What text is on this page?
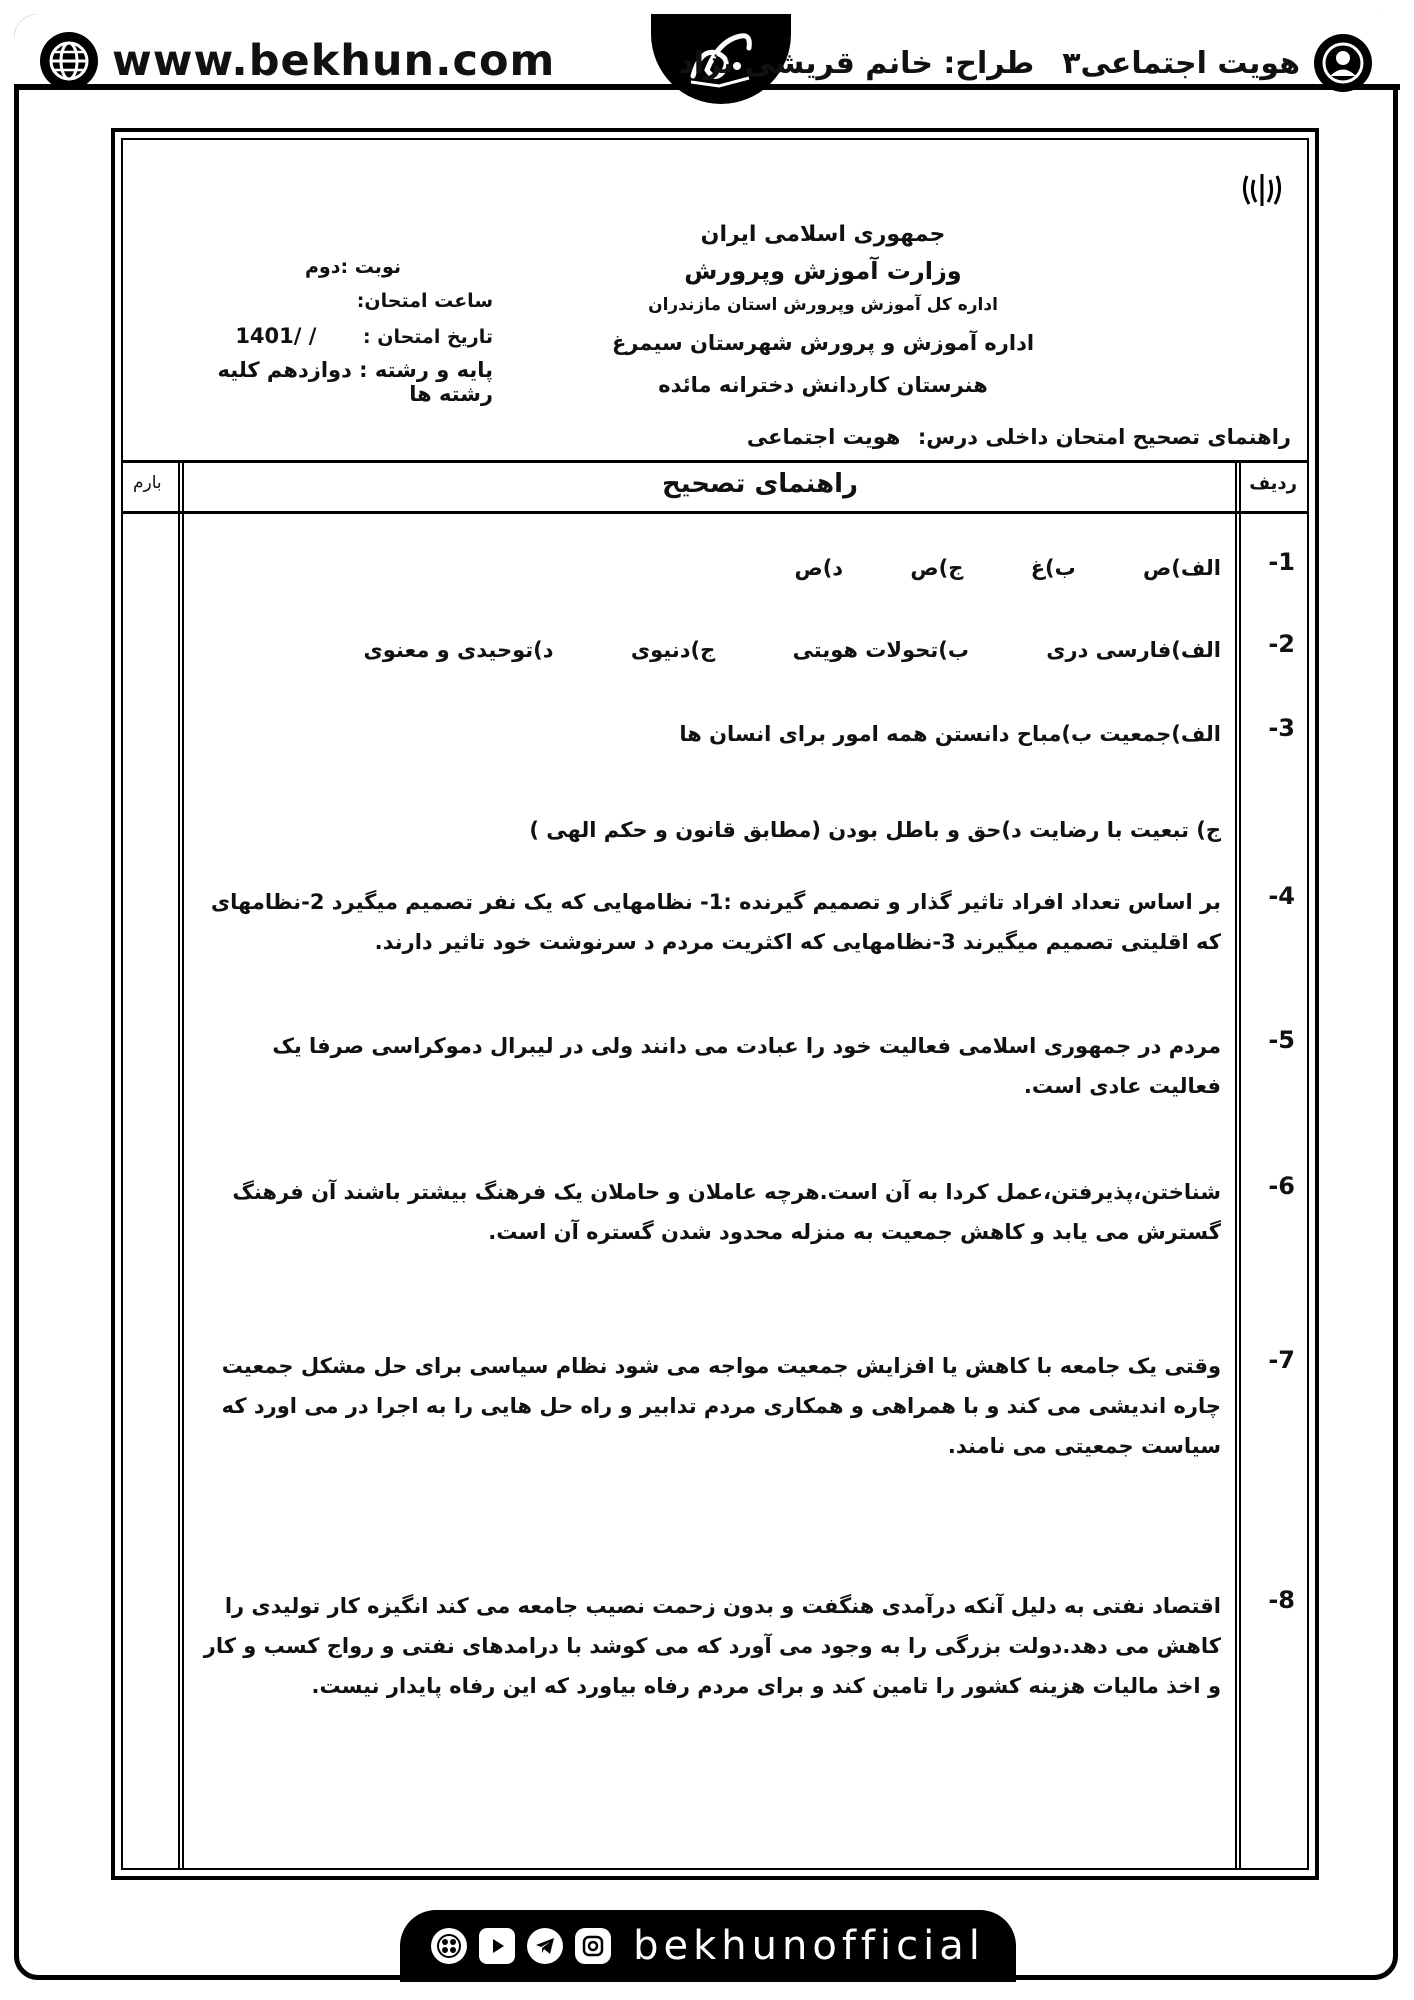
www.bekhun.com	هویت اجتماعی۳
طراح: خانم قریشی نژاد
جمهوری اسلامی ایران
وزارت آموزش وپرورش
اداره کل آموزش وپرورش استان مازندران
اداره آموزش و پرورش شهرستان سیمرغ
هنرستان کاردانش دخترانه مائده
نوبت :دوم
ساعت امتحان:
تاریخ امتحان : / /1401
پایه و رشته : دوازدهم کلیه رشته ها
راهنمای تصحیح امتحان داخلی درس: هویت اجتماعی
ردیف
راهنمای تصحیح
بارم
1-
الف)ص ب)غ ج)ص د)ص
2-
الف)فارسی دری ب)تحولات هویتی ج)دنیوی د)توحیدی و معنوی
3-
الف)جمعیت ب)مباح دانستن همه امور برای انسان ها
ج) تبعیت با رضایت د)حق و باطل بودن (مطابق قانون و حکم الهی )
4-
بر اساس تعداد افراد تاثیر گذار و تصمیم گیرنده :1- نظامهایی که یک نفر تصمیم میگیرد 2-نظامهای که اقلیتی تصمیم میگیرند 3-نظامهایی که اکثریت مردم د سرنوشت خود تاثیر دارند.
5-
مردم در جمهوری اسلامی فعالیت خود را عبادت می دانند ولی در لیبرال دموکراسی صرفا یک فعالیت عادی است.
6-
شناختن،پذیرفتن،عمل کردا به آن است.هرچه عاملان و حاملان یک فرهنگ بیشتر باشند آن فرهنگ گسترش می یابد و کاهش جمعیت به منزله محدود شدن گستره آن است.
7-
وقتی یک جامعه با کاهش یا افزایش جمعیت مواجه می شود نظام سیاسی برای حل مشکل جمعیت چاره اندیشی می کند و با همراهی و همکاری مردم تدابیر و راه حل هایی را به اجرا در می اورد که سیاست جمعیتی می نامند.
8-
اقتصاد نفتی به دلیل آنکه درآمدی هنگفت و بدون زحمت نصیب جامعه می کند انگیزه کار تولیدی را کاهش می دهد.دولت بزرگی را به وجود می آورد که می کوشد با درامدهای نفتی و رواج کسب و کار و اخذ مالیات هزینه کشور را تامین کند و برای مردم رفاه بیاورد که این رفاه پایدار نیست.
bekhunofficial
